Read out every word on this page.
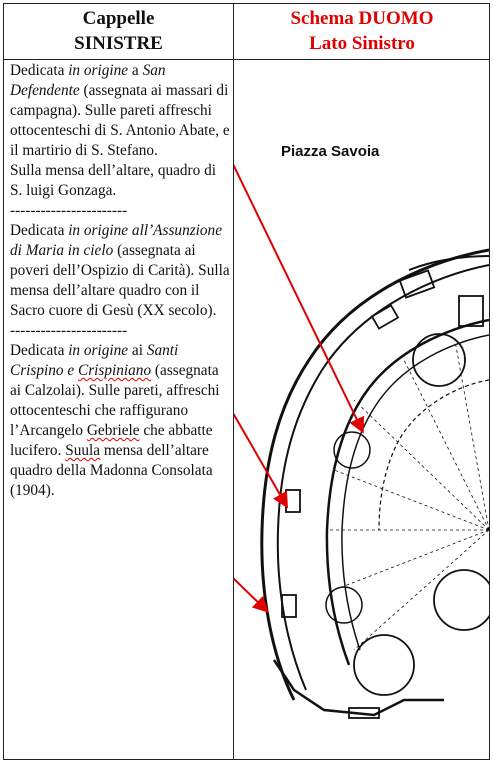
Cappelle
SINISTRE
Schema DUOMO
Lato Sinistro

Dedicata in origine a San Defendente (assegnata ai massari di campagna). Sulle pareti affreschi ottocenteschi di S. Antonio Abate, e il martirio di S. Stefano.
Sulla mensa dell’altare, quadro di S. luigi Gonzaga.

-----------------------

Dedicata in origine all’Assunzione di Maria in cielo (assegnata ai poveri dell’Ospizio di Carità). Sulla mensa dell’altare quadro con il Sacro cuore di Gesù (XX secolo).

-----------------------

Dedicata in origine ai Santi Crispino e Crispiniano (assegnata ai Calzolai). Sulle pareti, affreschi ottocenteschi che raffigurano l’Arcangelo Gebriele che abbatte lucifero. Suula mensa dell’altare quadro della Madonna Consolata (1904).

Piazza Savoia
